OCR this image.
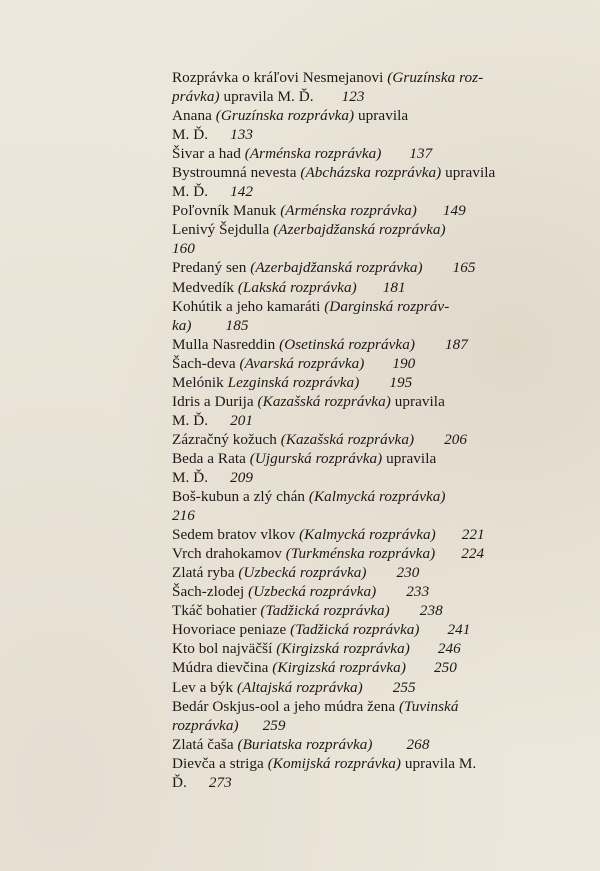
Rozprávka o kráľovi Nesmejanovi (Gruzínska roz-
právka) upravila M. Ď. 123
Anana (Gruzínska rozprávka) upravila
M. Ď. 133
Šivar a had (Arménska rozprávka) 137
Bystroumná nevesta (Abcházska rozprávka) upravila
M. Ď. 142
Poľovník Manuk (Arménska rozprávka) 149
Lenivý Šejdulla (Azerbajdžanská rozprávka)
160
Predaný sen (Azerbajdžanská rozprávka) 165
Medvedík (Lakská rozprávka) 181
Kohútik a jeho kamaráti (Darginská rozpráv-
ka) 185
Mulla Nasreddin (Osetinská rozprávka) 187
Šach-deva (Avarská rozprávka) 190
Melónik Lezginská rozprávka) 195
Idris a Durija (Kazašská rozprávka) upravila
M. Ď. 201
Zázračný kožuch (Kazašská rozprávka) 206
Beda a Rata (Ujgurská rozprávka) upravila
M. Ď. 209
Boš-kubun a zlý chán (Kalmycká rozprávka)
216
Sedem bratov vlkov (Kalmycká rozprávka) 221
Vrch drahokamov (Turkménska rozprávka) 224
Zlatá ryba (Uzbecká rozprávka) 230
Šach-zlodej (Uzbecká rozprávka) 233
Tkáč bohatier (Tadžická rozprávka) 238
Hovoriace peniaze (Tadžická rozprávka) 241
Kto bol najväčší (Kirgizská rozprávka) 246
Múdra dievčina (Kirgizská rozprávka) 250
Lev a býk (Altajská rozprávka) 255
Bedár Oskjus-ool a jeho múdra žena (Tuvinská
rozprávka) 259
Zlatá čaša (Buriatska rozprávka) 268
Dievča a striga (Komijská rozprávka) upravila M.
Ď. 273
